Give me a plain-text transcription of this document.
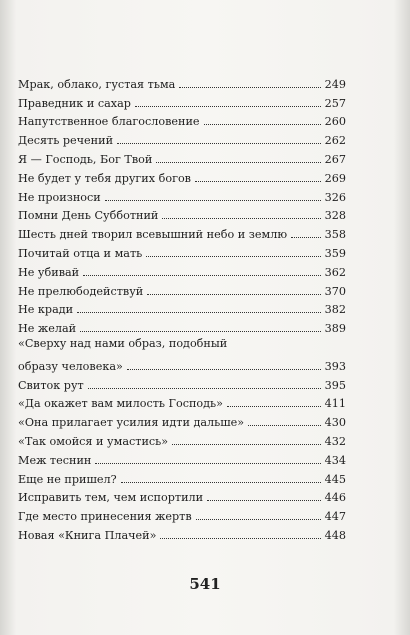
Мрак, облако, густая тьма	249
Праведник и сахар	257
Напутственное благословение	260
Десять речений	262
Я — Господь, Бог Твой	267
Не будет у тебя других богов	269
Не произноси	326
Помни День Субботний	328
Шесть дней творил всевышний небо и землю	358
Почитай отца и мать	359
Не убивай	362
Не прелюбодействуй	370
Не кради	382
Не желай	389
«Сверху над нами образ, подобный
образу человека»	393
Свиток рут	395
«Да окажет вам милость Господь»	411
«Она прилагает усилия идти дальше»	430
«Так омойся и умастись»	432
Меж теснин	434
Еще не пришел?	445
Исправить тем, чем испортили	446
Где место принесения жертв	447
Новая «Книга Плачей»	448
541
